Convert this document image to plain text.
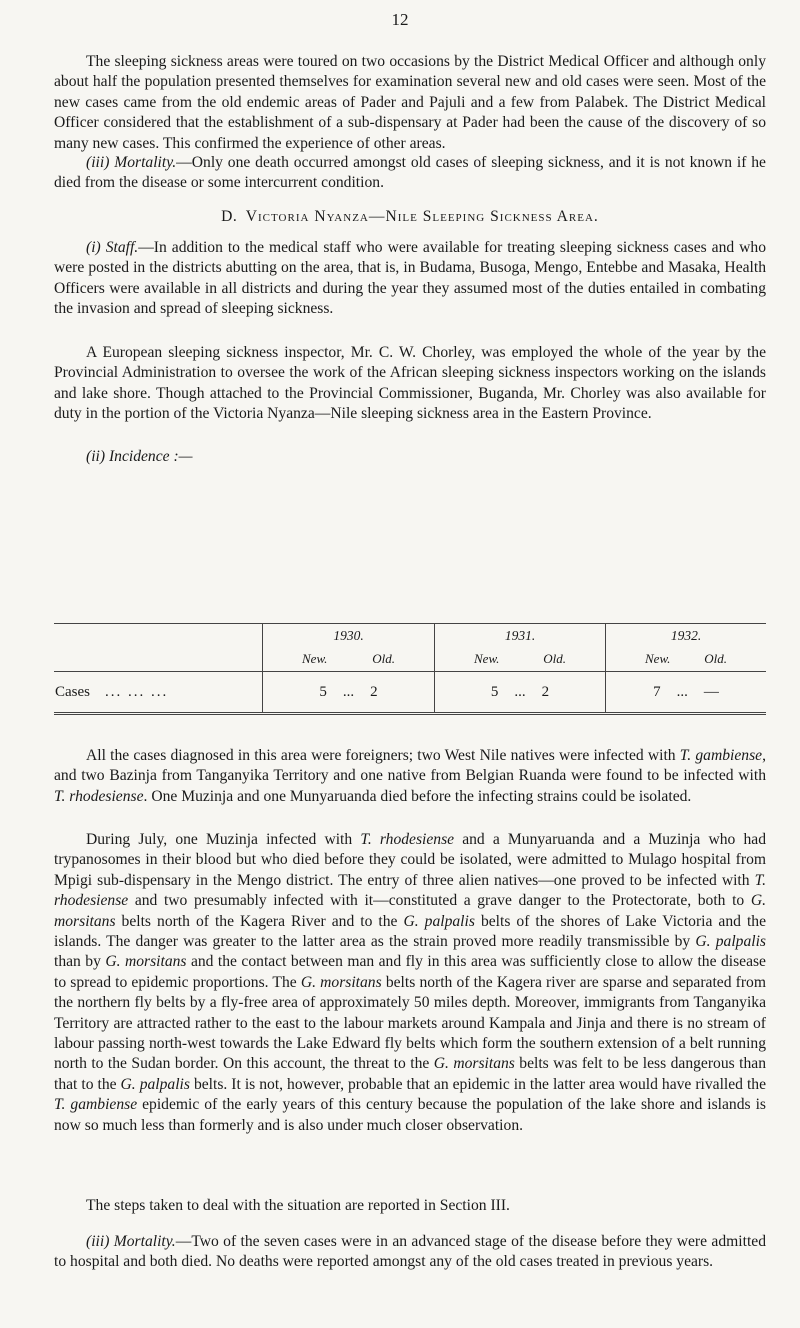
12

The sleeping sickness areas were toured on two occasions by the District Medical Officer and although only about half the population presented themselves for examination several new and old cases were seen. Most of the new cases came from the old endemic areas of Pader and Pajuli and a few from Palabek. The District Medical Officer considered that the establishment of a sub-dispensary at Pader had been the cause of the discovery of so many new cases. This confirmed the experience of other areas.

(iii) Mortality.—Only one death occurred amongst old cases of sleeping sickness, and it is not known if he died from the disease or some intercurrent condition.

D. Victoria Nyanza—Nile Sleeping Sickness Area.

(i) Staff.—In addition to the medical staff who were available for treating sleeping sickness cases and who were posted in the districts abutting on the area, that is, in Budama, Busoga, Mengo, Entebbe and Masaka, Health Officers were available in all districts and during the year they assumed most of the duties entailed in combating the invasion and spread of sleeping sickness.

A European sleeping sickness inspector, Mr. C. W. Chorley, was employed the whole of the year by the Provincial Administration to oversee the work of the African sleeping sickness inspectors working on the islands and lake shore. Though attached to the Provincial Commissioner, Buganda, Mr. Chorley was also available for duty in the portion of the Victoria Nyanza—Nile sleeping sickness area in the Eastern Province.

(ii) Incidence :—

	1930.	1931.	1932.

	New. Old.	New. Old.	New. Old.

Cases ... ... ...	5 ... 2	5 ... 2	7 ... —

All the cases diagnosed in this area were foreigners; two West Nile natives were infected with T. gambiense, and two Bazinja from Tanganyika Territory and one native from Belgian Ruanda were found to be infected with T. rhodesiense. One Muzinja and one Munyaruanda died before the infecting strains could be isolated.

During July, one Muzinja infected with T. rhodesiense and a Munyaruanda and a Muzinja who had trypanosomes in their blood but who died before they could be isolated, were admitted to Mulago hospital from Mpigi sub-dispensary in the Mengo district. The entry of three alien natives—one proved to be infected with T. rhodesiense and two presumably infected with it—constituted a grave danger to the Protectorate, both to G. morsitans belts north of the Kagera River and to the G. palpalis belts of the shores of Lake Victoria and the islands. The danger was greater to the latter area as the strain proved more readily transmissible by G. palpalis than by G. morsitans and the contact between man and fly in this area was sufficiently close to allow the disease to spread to epidemic proportions. The G. morsitans belts north of the Kagera river are sparse and separated from the northern fly belts by a fly-free area of approximately 50 miles depth. Moreover, immigrants from Tanganyika Territory are attracted rather to the east to the labour markets around Kampala and Jinja and there is no stream of labour passing north-west towards the Lake Edward fly belts which form the southern extension of a belt running north to the Sudan border. On this account, the threat to the G. morsitans belts was felt to be less dangerous than that to the G. palpalis belts. It is not, however, probable that an epidemic in the latter area would have rivalled the T. gambiense epidemic of the early years of this century because the population of the lake shore and islands is now so much less than formerly and is also under much closer observation.

The steps taken to deal with the situation are reported in Section III.

(iii) Mortality.—Two of the seven cases were in an advanced stage of the disease before they were admitted to hospital and both died. No deaths were reported amongst any of the old cases treated in previous years.
